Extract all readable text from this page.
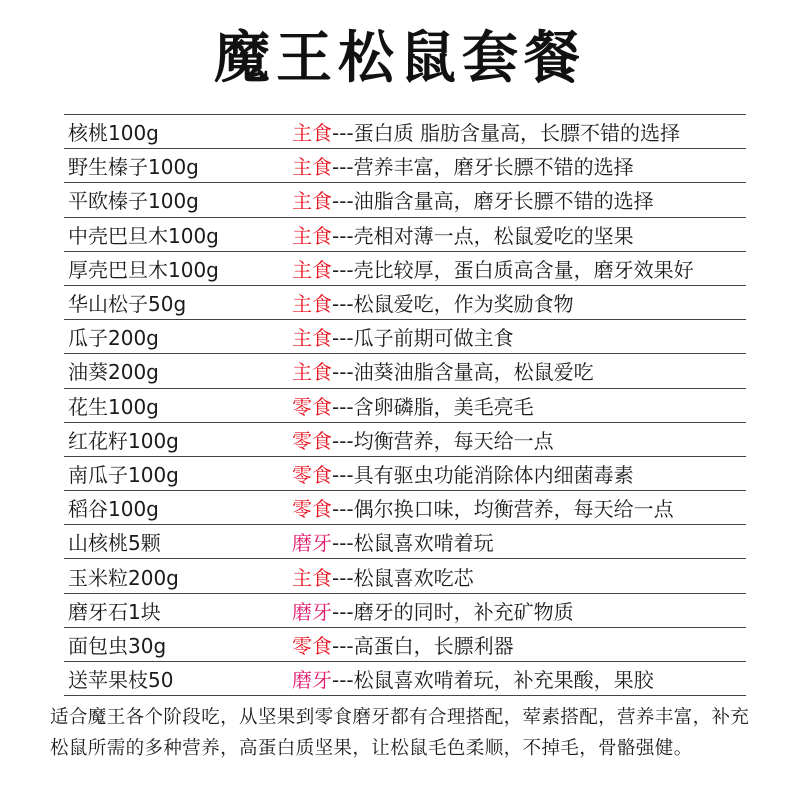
魔王松鼠套餐
核桃100g	主食---蛋白质 脂肪含量高，长膘不错的选择
野生榛子100g	主食---营养丰富，磨牙长膘不错的选择
平欧榛子100g	主食---油脂含量高，磨牙长膘不错的选择
中壳巴旦木100g	主食---壳相对薄一点，松鼠爱吃的坚果
厚壳巴旦木100g	主食---壳比较厚，蛋白质高含量，磨牙效果好
华山松子50g	主食---松鼠爱吃，作为奖励食物
瓜子200g	主食---瓜子前期可做主食
油葵200g	主食---油葵油脂含量高，松鼠爱吃
花生100g	零食---含卵磷脂，美毛亮毛
红花籽100g	零食---均衡营养，每天给一点
南瓜子100g	零食---具有驱虫功能消除体内细菌毒素
稻谷100g	零食---偶尔换口味，均衡营养，每天给一点
山核桃5颗	磨牙---松鼠喜欢啃着玩
玉米粒200g	主食---松鼠喜欢吃芯
磨牙石1块	磨牙---磨牙的同时，补充矿物质
面包虫30g	零食---高蛋白，长膘利器
送苹果枝50	磨牙---松鼠喜欢啃着玩，补充果酸，果胶
适合魔王各个阶段吃，从坚果到零食磨牙都有合理搭配，荤素搭配，营养丰富，补充松鼠所需的多种营养，高蛋白质坚果，让松鼠毛色柔顺，不掉毛，骨骼强健。
